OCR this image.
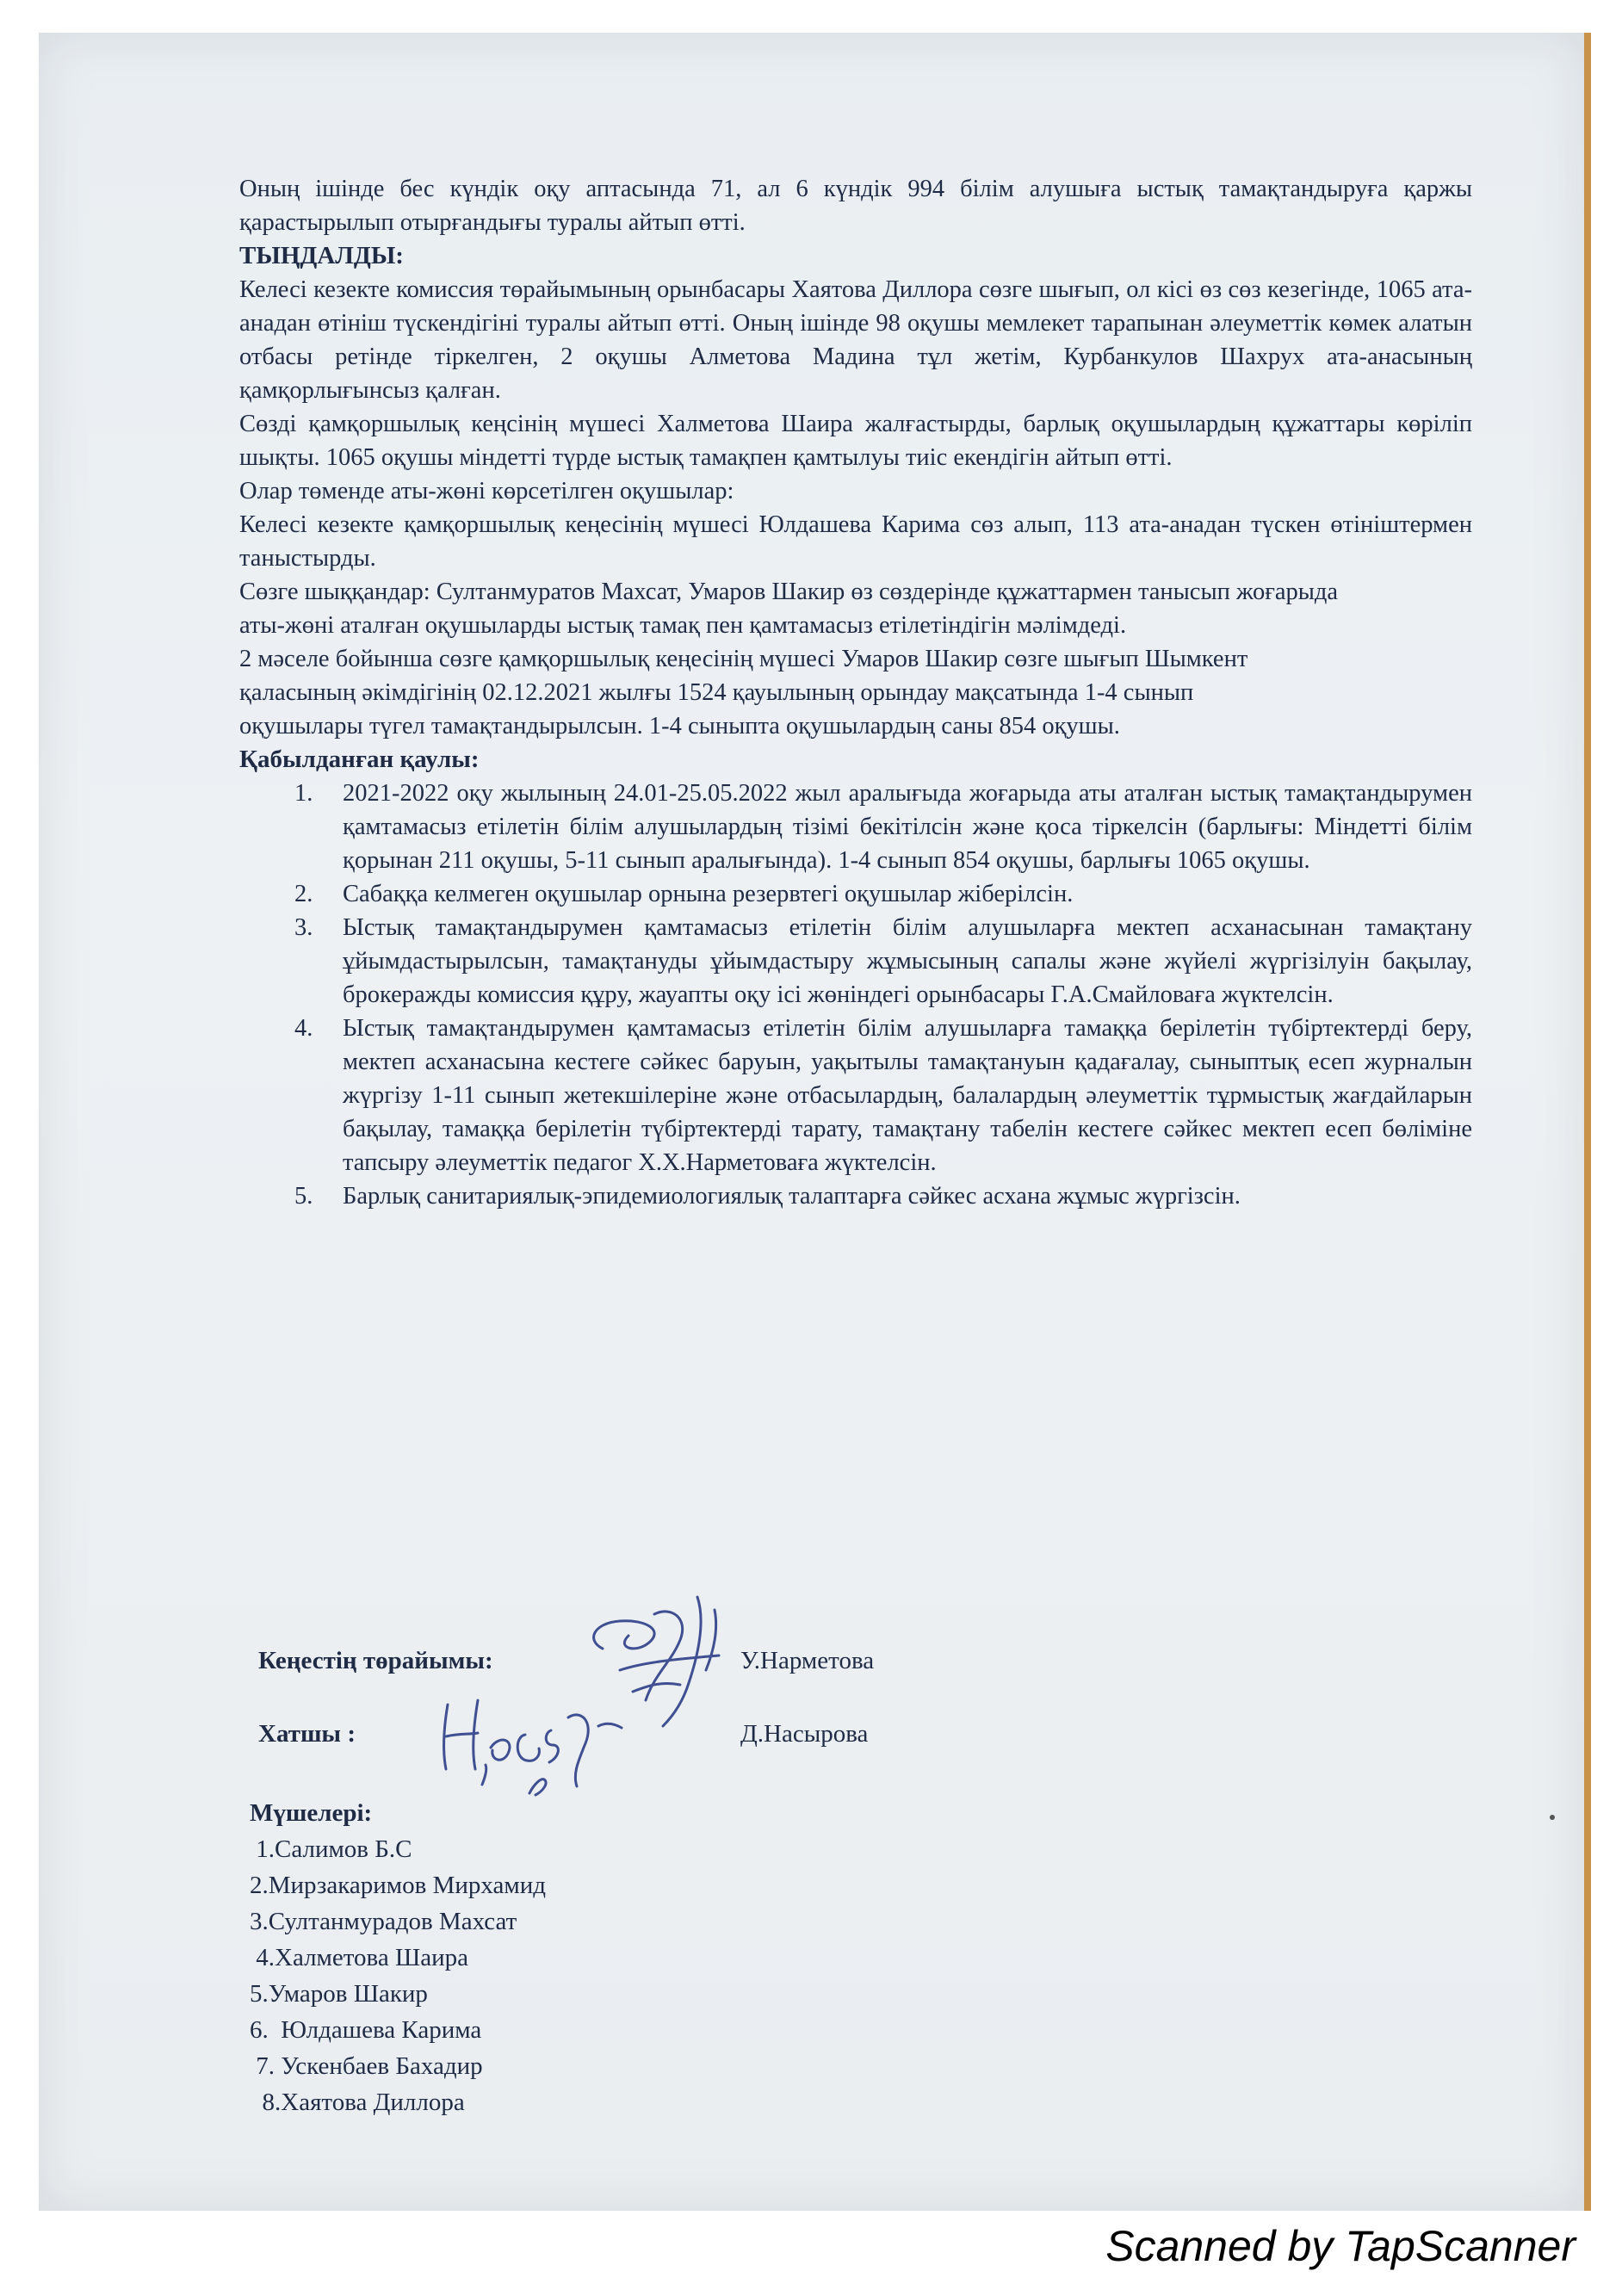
Оның ішінде бес күндік оқу аптасында 71, ал 6 күндік 994 білім алушыға ыстық тамақтандыруға қаржы қарастырылып отырғандығы туралы айтып өтті.

ТЫҢДАЛДЫ:

Келесі кезекте комиссия төрайымының орынбасары Хаятова Диллора сөзге шығып, ол кісі өз сөз кезегінде, 1065 ата-анадан өтініш түскендігіні туралы айтып өтті. Оның ішінде 98 оқушы мемлекет тарапынан әлеуметтік көмек алатын отбасы ретінде тіркелген, 2 оқушы Алметова Мадина тұл жетім, Курбанкулов Шахрух ата-анасының қамқорлығынсыз қалған.

Сөзді қамқоршылық кеңсінің мүшесі Халметова Шаира жалғастырды, барлық оқушылардың құжаттары көріліп шықты. 1065 оқушы міндетті түрде ыстық тамақпен қамтылуы тиіс екендігін айтып өтті.

Олар төменде аты-жөні көрсетілген оқушылар:

Келесі кезекте қамқоршылық кеңесінің мүшесі Юлдашева Карима сөз алып, 113 ата-анадан түскен өтініштермен таныстырды.

Сөзге шыққандар: Султанмуратов Махсат, Умаров Шакир өз сөздерінде құжаттармен танысып жоғарыда аты-жөні аталған оқушыларды ыстық тамақ пен қамтамасыз етілетіндігін мәлімдеді.

2 мәселе бойынша сөзге қамқоршылық кеңесінің мүшесі Умаров Шакир сөзге шығып Шымкент қаласының әкімдігінің 02.12.2021 жылғы 1524 қауылының орындау мақсатында 1-4 сынып оқушылары түгел тамақтандырылсын. 1-4 сыныпта оқушылардың саны 854 оқушы.

Қабылданған қаулы:

1. 2021-2022 оқу жылының 24.01-25.05.2022 жыл аралығыда жоғарыда аты аталған ыстық тамақтандырумен қамтамасыз етілетін білім алушылардың тізімі бекітілсін және қоса тіркелсін (барлығы: Міндетті білім қорынан 211 оқушы, 5-11 сынып аралығында). 1-4 сынып 854 оқушы, барлығы 1065 оқушы.
2. Сабаққа келмеген оқушылар орнына резервтегі оқушылар жіберілсін.
3. Ыстық тамақтандырумен қамтамасыз етілетін білім алушыларға мектеп асханасынан тамақтану ұйымдастырылсын, тамақтануды ұйымдастыру жұмысының сапалы және жүйелі жүргізілуін бақылау, брокеражды комиссия құру, жауапты оқу ісі жөніндегі орынбасары Г.А.Смайловаға жүктелсін.
4. Ыстық тамақтандырумен қамтамасыз етілетін білім алушыларға тамаққа берілетін түбіртектерді беру, мектеп асханасына кестеге сәйкес баруын, уақытылы тамақтануын қадағалау, сыныптық есеп журналын жүргізу 1-11 сынып жетекшілеріне және отбасылардың, балалардың әлеуметтік тұрмыстық жағдайларын бақылау, тамаққа берілетін түбіртектерді тарату, тамақтану табелін кестеге сәйкес мектеп есеп бөліміне тапсыру әлеуметтік педагог Х.Х.Нарметоваға жүктелсін.
5. Барлық санитариялық-эпидемиологиялық талаптарға сәйкес асхана жұмыс жүргізсін.
Кеңестің төрайымы:	У.Нарметова
Хатшы :	Д.Насырова
Мүшелері:
1.Салимов Б.С
2.Мирзакаримов Мирхамид
3.Султанмурадов Махсат
4.Халметова Шаира
5.Умаров Шакир
6.  Юлдашева Карима
7. Ускенбаев Бахадир
8.Хаятова Диллора
Scanned by TapScanner
